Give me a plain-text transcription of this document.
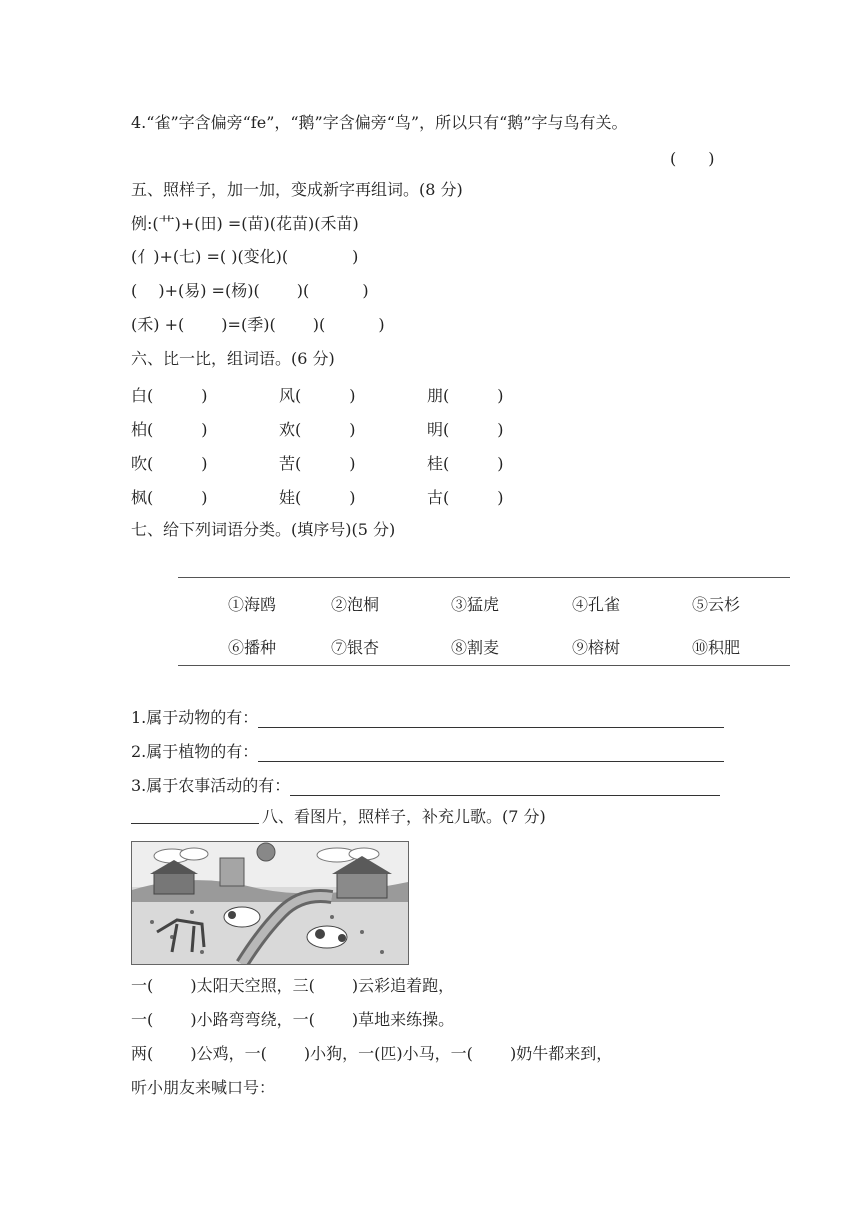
4.“雀”字含偏旁“fe”，“鹅”字含偏旁“鸟”，所以只有“鹅”字与鸟有关。
(　　)
五、照样子，加一加，变成新字再组词。(8 分)
例:(艹)+(田) =(苗)(花苗)(禾苗)
(亻)+(七) =( )(变化)(　　　　)
(　 )+(易) =(杨)(　　 )(　　　 )
(禾) +(　　 )=(季)(　　 )(　　　 )
六、比一比，组词语。(6 分)
白(　　　)	风(　　　)	朋(　　　)
柏(　　　)	欢(　　　)	明(　　　)
吹(　　　)	苦(　　　)	桂(　　　)
枫(　　　)	娃(　　　)	古(　　　)
七、给下列词语分类。(填序号)(5 分)
①海鸥	②泡桐	③猛虎	④孔雀	⑤云杉
⑥播种	⑦银杏	⑧割麦	⑨榕树	⑩积肥
1.属于动物的有：
2.属于植物的有：
3.属于农事活动的有：
八、看图片，照样子，补充儿歌。(7 分)
一(　　 )太阳天空照，三(　　 )云彩追着跑，
一(　　 )小路弯弯绕，一(　　 )草地来练操。
两(　　 )公鸡，一(　　 )小狗，一(匹)小马，一(　　 )奶牛都来到，
听小朋友来喊口号：
